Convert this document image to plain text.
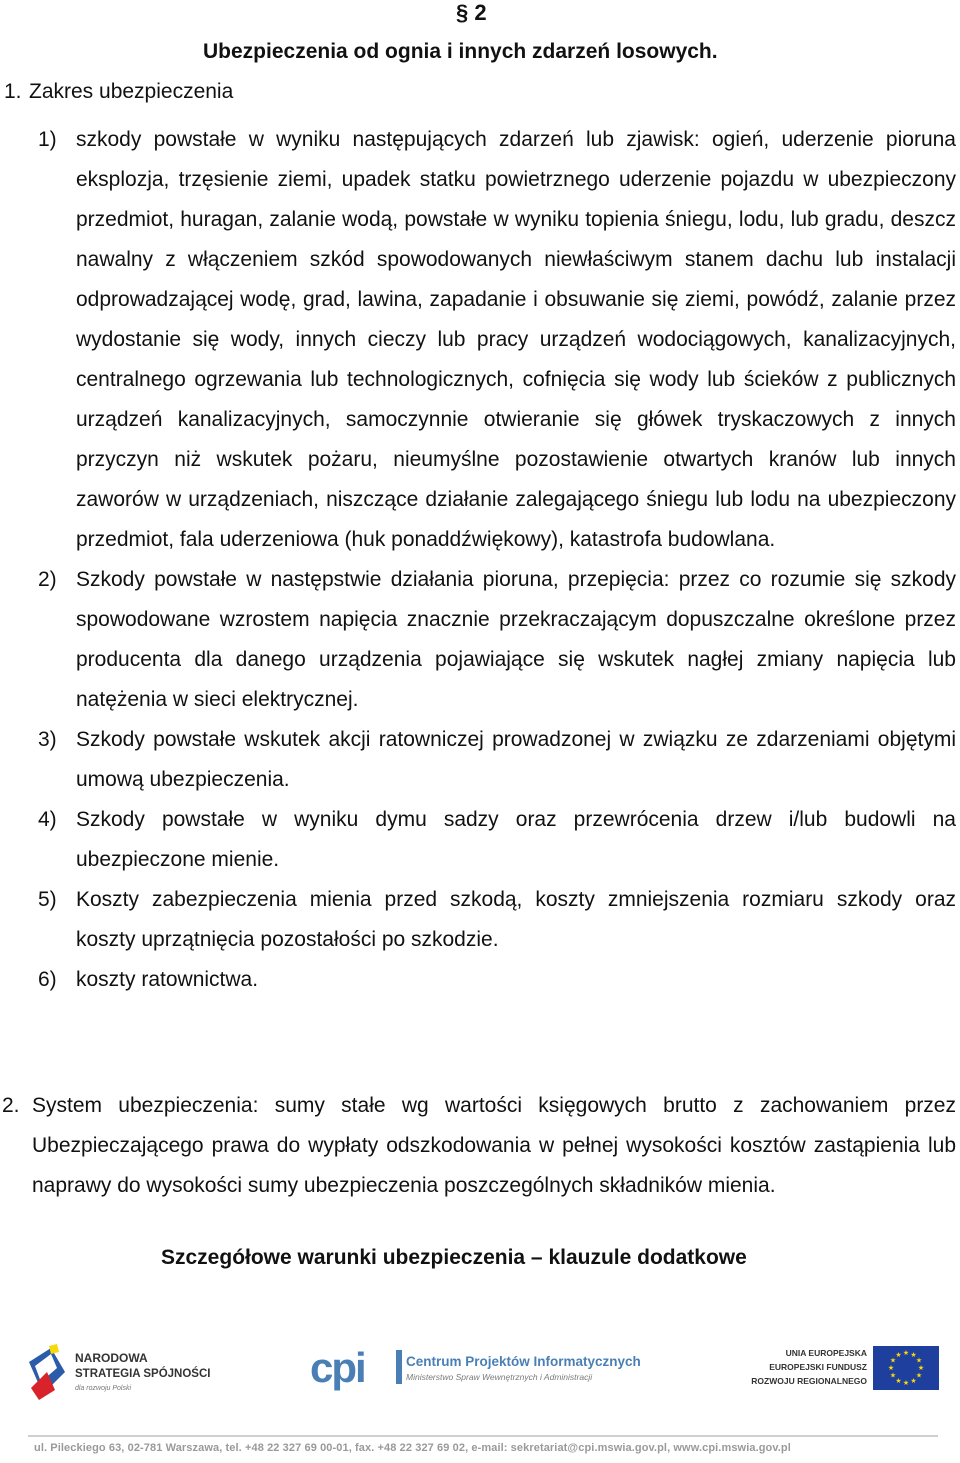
§ 2
Ubezpieczenia od ognia i innych zdarzeń losowych.
1. Zakres ubezpieczenia
1) szkody powstałe w wyniku następujących zdarzeń lub zjawisk: ogień, uderzenie pioruna eksplozja, trzęsienie ziemi, upadek statku powietrznego uderzenie pojazdu w ubezpieczony przedmiot, huragan, zalanie wodą, powstałe w wyniku topienia śniegu, lodu, lub gradu, deszcz nawalny z włączeniem szkód spowodowanych niewłaściwym stanem dachu lub instalacji odprowadzającej wodę, grad, lawina, zapadanie i obsuwanie się ziemi, powódź, zalanie przez wydostanie się wody, innych cieczy lub pracy urządzeń wodociągowych, kanalizacyjnych, centralnego ogrzewania lub technologicznych, cofnięcia się wody lub ścieków z publicznych urządzeń kanalizacyjnych, samoczynnie otwieranie się główek tryskaczowych z innych przyczyn niż wskutek pożaru, nieumyślne pozostawienie otwartych kranów lub innych zaworów w urządzeniach, niszczące działanie zalegającego śniegu lub lodu na ubezpieczony przedmiot, fala uderzeniowa (huk ponaddźwiękowy), katastrofa budowlana.
2) Szkody powstałe w następstwie działania pioruna, przepięcia: przez co rozumie się szkody spowodowane wzrostem napięcia znacznie przekraczającym dopuszczalne określone przez producenta dla danego urządzenia pojawiające się wskutek nagłej zmiany napięcia lub natężenia w sieci elektrycznej.
3) Szkody powstałe wskutek akcji ratowniczej prowadzonej w związku ze zdarzeniami objętymi umową ubezpieczenia.
4) Szkody powstałe w wyniku dymu sadzy oraz przewrócenia drzew i/lub budowli na ubezpieczone mienie.
5) Koszty zabezpieczenia mienia przed szkodą, koszty zmniejszenia rozmiaru szkody oraz koszty uprzątnięcia pozostałości po szkodzie.
6) koszty ratownictwa.
2. System ubezpieczenia: sumy stałe wg wartości księgowych brutto z zachowaniem przez Ubezpieczającego prawa do wypłaty odszkodowania w pełnej wysokości kosztów zastąpienia lub naprawy do wysokości sumy ubezpieczenia poszczególnych składników mienia.
Szczegółowe warunki ubezpieczenia – klauzule dodatkowe
NARODOWA
STRATEGIA SPÓJNOŚCI
dla rozwoju Polski	cpi	Centrum Projektów Informatycznych
Ministerstwo Spraw Wewnętrznych i Administracji
UNIA EUROPEJSKA
EUROPEJSKI FUNDUSZ
ROZWOJU REGIONALNEGO
★ ★
★
★
★
★
★
★
★
★
★
★
ul. Pileckiego 63, 02-781 Warszawa, tel. +48 22 327 69 00-01, fax. +48 22 327 69 02, e-mail: sekretariat@cpi.mswia.gov.pl, www.cpi.mswia.gov.pl
